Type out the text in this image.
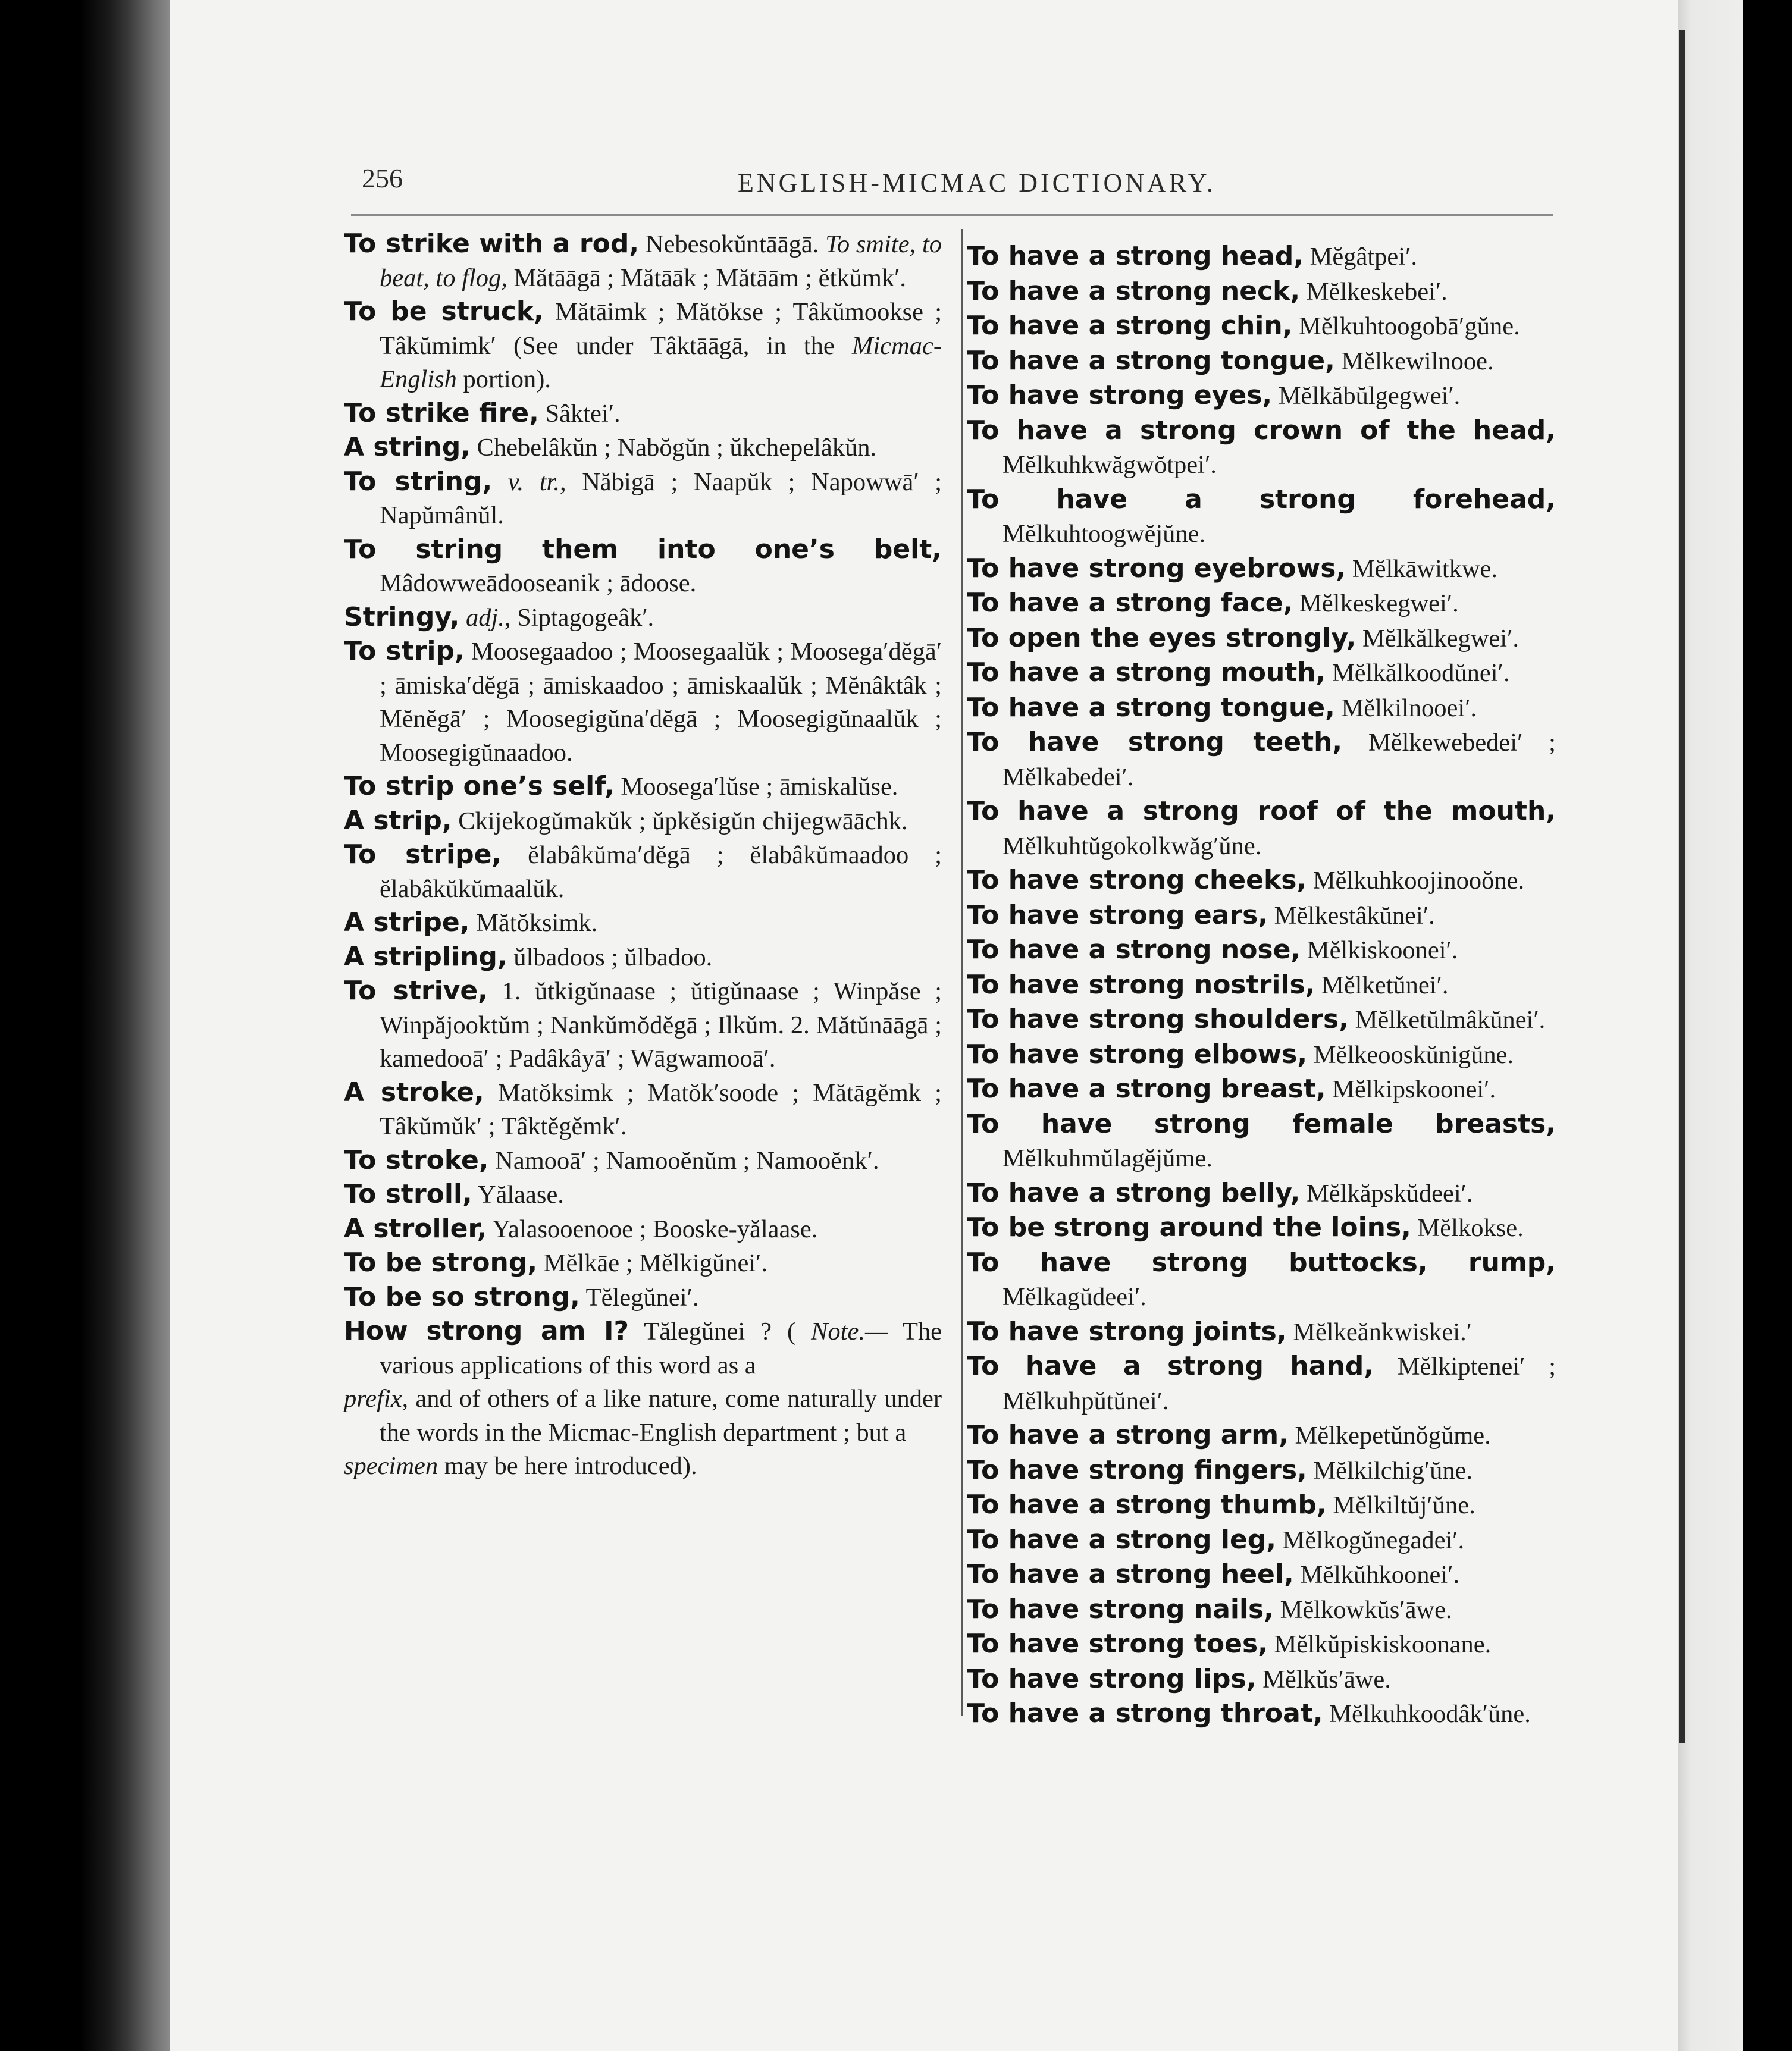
256	ENGLISH-MICMAC DICTIONARY.

To strike with a rod, Nebesokŭntāāgā. To smite, to beat, to flog, Mătāāgā ; Mătāāk ; Mătāām ; ĕtkŭmk′.

To be struck, Mătāimk ; Mătŏkse ; Tâkŭmookse ; Tâkŭmimk′ (See under Tâktāāgā, in the Micmac-English portion).

To strike fire, Sâktei′.

A string, Chebelâkŭn ; Nabŏgŭn ; ŭkchepelâkŭn.

To string, v. tr., Năbigā ; Naapŭk ; Napowwā′ ; Napŭmânŭl.

To string them into one’s belt, Mâdowweādooseanik ; ādoose.

Stringy, adj., Siptagogeâk′.

To strip, Moosegaadoo ; Moosegaalŭk ; Moosega′dĕgā′ ; āmiska′dĕgā ; āmiskaadoo ; āmiskaalŭk ; Mĕnâktâk ; Mĕnĕgā′ ; Moosegigŭna′dĕgā ; Moosegigŭnaalŭk ; Moosegigŭnaadoo.

To strip one’s self, Moosega′lŭse ; āmiskalŭse.

A strip, Ckijekogŭmakŭk ; ŭpkĕsigŭn chijegwāāchk.

To stripe, ĕlabâkŭma′dĕgā ; ĕlabâkŭmaadoo ; ĕlabâkŭkŭmaalŭk.

A stripe, Mătŏksimk.

A stripling, ŭlbadoos ; ŭlbadoo.

To strive, 1. ŭtkigŭnaase ; ŭtigŭnaase ; Winpăse ; Winpăjooktŭm ; Nankŭmŏdĕgā ; Ilkŭm. 2. Mătŭnāāgā ; kamedooā′ ; Padâkâyā′ ; Wāgwamooā′.

A stroke, Matŏksimk ; Matŏk′soode ; Mătāgĕmk ; Tâkŭmŭk′ ; Tâktĕgĕmk′.

To stroke, Namooā′ ; Namooĕnŭm ; Namooĕnk′.

To stroll, Yălaase.

A stroller, Yalasooenooe ; Booske-yălaase.

To be strong, Mĕlkāe ; Mĕlkigŭnei′.

To be so strong, Tĕlegŭnei′.

How strong am I? Tălegŭnei ? ( Note.— The various applications of this word as a

prefix, and of others of a like nature, come naturally under the words in the Micmac-English department ; but a

specimen may be here introduced).

To have a strong head, Mĕgâtpei′.

To have a strong neck, Mĕlkeskebei′.

To have a strong chin, Mĕlkuhtoogobā′gŭne.

To have a strong tongue, Mĕlkewilnooe.

To have strong eyes, Mĕlkăbŭlgegwei′.

To have a strong crown of the head, Mĕlkuhkwăgwŏtpei′.

To have a strong forehead, Mĕlkuhtoogwĕjŭne.

To have strong eyebrows, Mĕlkāwitkwe.

To have a strong face, Mĕlkeskegwei′.

To open the eyes strongly, Mĕlkălkegwei′.

To have a strong mouth, Mĕlkălkoodŭnei′.

To have a strong tongue, Mĕlkilnooei′.

To have strong teeth, Mĕlkewebedei′ ; Mĕlkabedei′.

To have a strong roof of the mouth, Mĕlkuhtŭgokolkwăg′ŭne.

To have strong cheeks, Mĕlkuhkoojinooŏne.

To have strong ears, Mĕlkestâkŭnei′.

To have a strong nose, Mĕlkiskoonei′.

To have strong nostrils, Mĕlketŭnei′.

To have strong shoulders, Mĕlketŭlmâkŭnei′.

To have strong elbows, Mĕlkeooskŭnigŭne.

To have a strong breast, Mĕlkipskoonei′.

To have strong female breasts, Mĕlkuhmŭlagĕjŭme.

To have a strong belly, Mĕlkăpskŭdeei′.

To be strong around the loins, Mĕlkokse.

To have strong buttocks, rump, Mĕlkagŭdeei′.

To have strong joints, Mĕlkeănkwiskei.′

To have a strong hand, Mĕlkiptenei′ ; Mĕlkuhpŭtŭnei′.

To have a strong arm, Mĕlkepetŭnŏgŭme.

To have strong fingers, Mĕlkilchig′ŭne.

To have a strong thumb, Mĕlkiltŭj′ŭne.

To have a strong leg, Mĕlkogŭnegadei′.

To have a strong heel, Mĕlkŭhkoonei′.

To have strong nails, Mĕlkowkŭs′āwe.

To have strong toes, Mĕlkŭpiskiskoonane.

To have strong lips, Mĕlkŭs′āwe.

To have a strong throat, Mĕlkuhkoodâk′ŭne.
